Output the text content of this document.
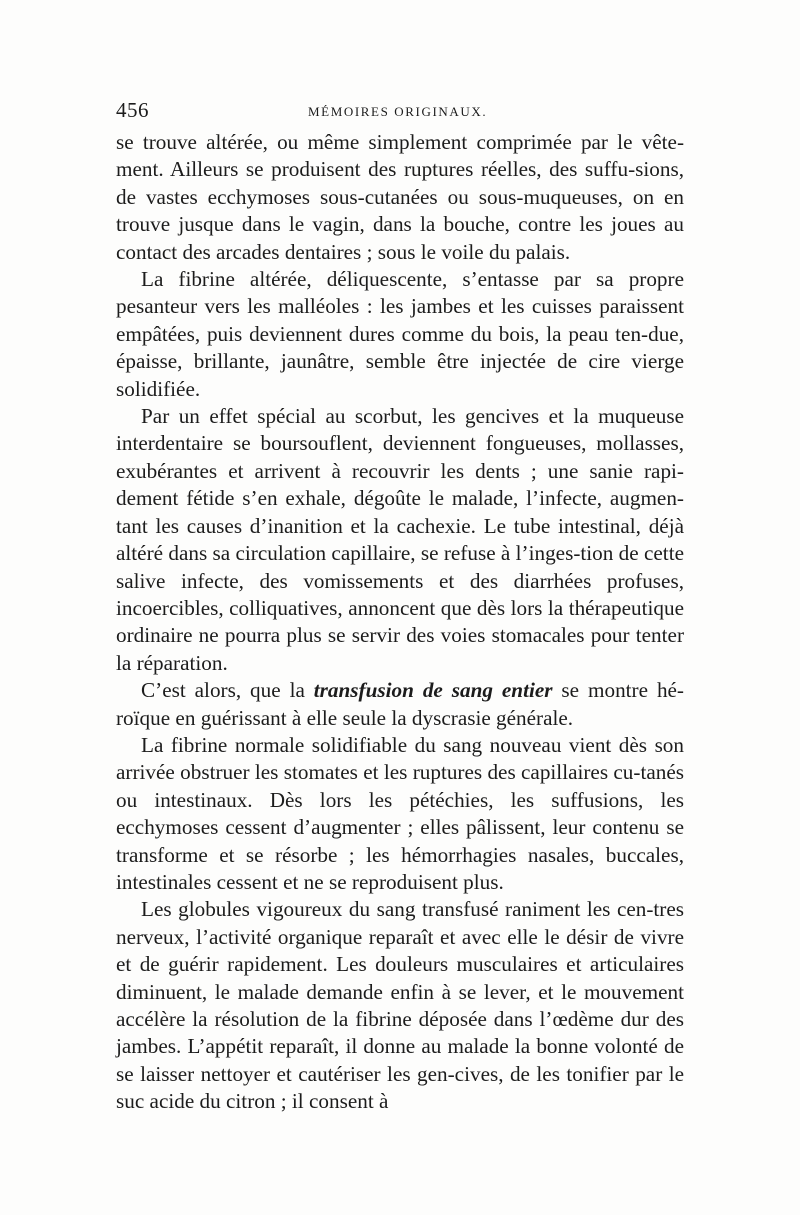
456	MÉMOIRES ORIGINAUX.

se trouve altérée, ou même simplement comprimée par le vête-ment. Ailleurs se produisent des ruptures réelles, des suffu-sions, de vastes ecchymoses sous-cutanées ou sous-muqueuses, on en trouve jusque dans le vagin, dans la bouche, contre les joues au contact des arcades dentaires ; sous le voile du palais.

La fibrine altérée, déliquescente, s’entasse par sa propre pesanteur vers les malléoles : les jambes et les cuisses paraissent empâtées, puis deviennent dures comme du bois, la peau ten-due, épaisse, brillante, jaunâtre, semble être injectée de cire vierge solidifiée.

Par un effet spécial au scorbut, les gencives et la muqueuse interdentaire se boursouflent, deviennent fongueuses, mollasses, exubérantes et arrivent à recouvrir les dents ; une sanie rapi-dement fétide s’en exhale, dégoûte le malade, l’infecte, augmen-tant les causes d’inanition et la cachexie. Le tube intestinal, déjà altéré dans sa circulation capillaire, se refuse à l’inges-tion de cette salive infecte, des vomissements et des diarrhées profuses, incoercibles, colliquatives, annoncent que dès lors la thérapeutique ordinaire ne pourra plus se servir des voies stomacales pour tenter la réparation.

C’est alors, que la transfusion de sang entier se montre hé-roïque en guérissant à elle seule la dyscrasie générale.

La fibrine normale solidifiable du sang nouveau vient dès son arrivée obstruer les stomates et les ruptures des capillaires cu-tanés ou intestinaux. Dès lors les pétéchies, les suffusions, les ecchymoses cessent d’augmenter ; elles pâlissent, leur contenu se transforme et se résorbe ; les hémorrhagies nasales, buccales, intestinales cessent et ne se reproduisent plus.

Les globules vigoureux du sang transfusé raniment les cen-tres nerveux, l’activité organique reparaît et avec elle le désir de vivre et de guérir rapidement. Les douleurs musculaires et articulaires diminuent, le malade demande enfin à se lever, et le mouvement accélère la résolution de la fibrine déposée dans l’œdème dur des jambes. L’appétit reparaît, il donne au malade la bonne volonté de se laisser nettoyer et cautériser les gen-cives, de les tonifier par le suc acide du citron ; il consent à
